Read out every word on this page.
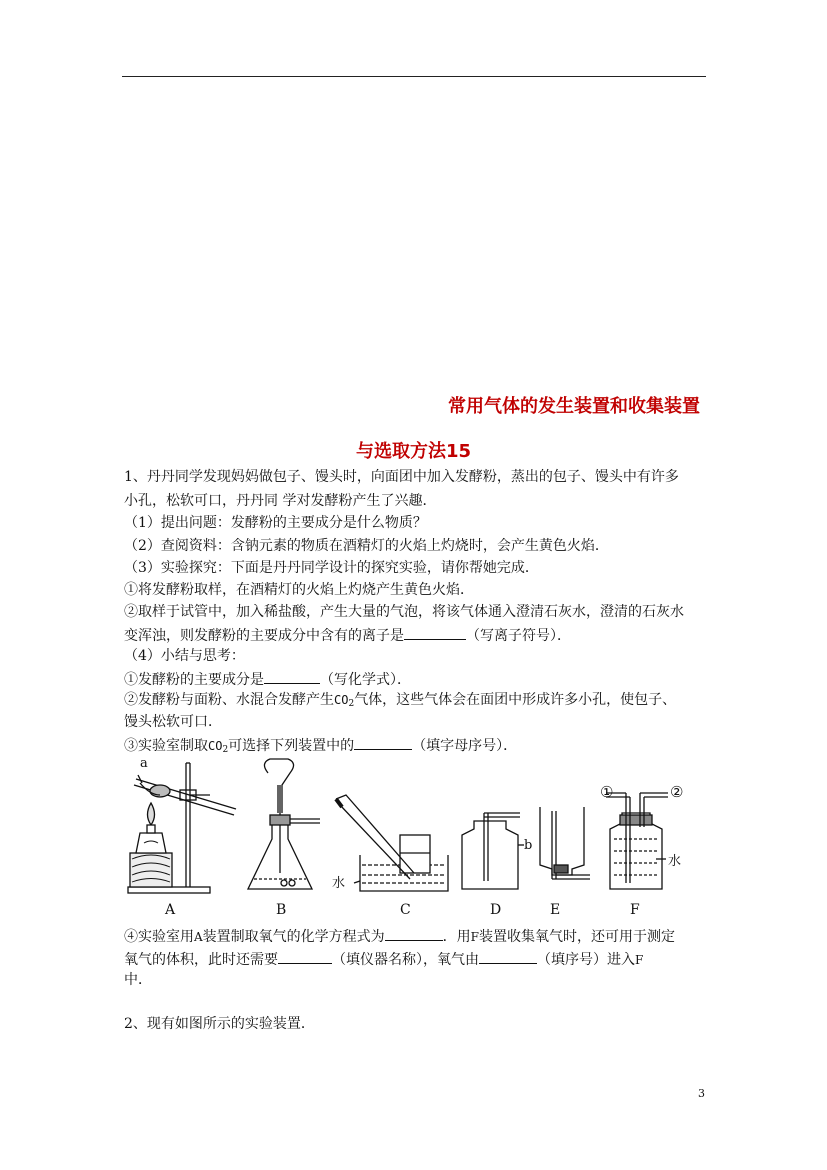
常用气体的发生装置和收集装置
与选取方法15
1、丹丹同学发现妈妈做包子、馒头时，向面团中加入发酵粉，蒸出的包子、馒头中有许多
小孔，松软可口，丹丹同 学对发酵粉产生了兴趣．
（1）提出问题：发酵粉的主要成分是什么物质？
（2）查阅资料：含钠元素的物质在酒精灯的火焰上灼烧时，会产生黄色火焰．
（3）实验探究：下面是丹丹同学设计的探究实验，请你帮她完成．
①将发酵粉取样，在酒精灯的火焰上灼烧产生黄色火焰．
②取样于试管中，加入稀盐酸，产生大量的气泡，将该气体通入澄清石灰水，澄清的石灰水
变浑浊，则发酵粉的主要成分中含有的离子是	（写离子符号）．
（4）小结与思考：
①发酵粉的主要成分是	（写化学式）．
②发酵粉与面粉、水混合发酵产生$CO_2$气体，这些气体会在面团中形成许多小孔，使包子、
馒头松软可口．
③实验室制取$CO_2$可选择下列装置中的	（填字母序号）．
a
b
水
水
①	②
A	B	C	D	E	F
④实验室用A装置制取氧气的化学方程式为	．用F装置收集氧气时，还可用于测定
氧气的体积，此时还需要	（填仪器名称），氧气由	（填序号）进入F
中．
2、现有如图所示的实验装置．
3
